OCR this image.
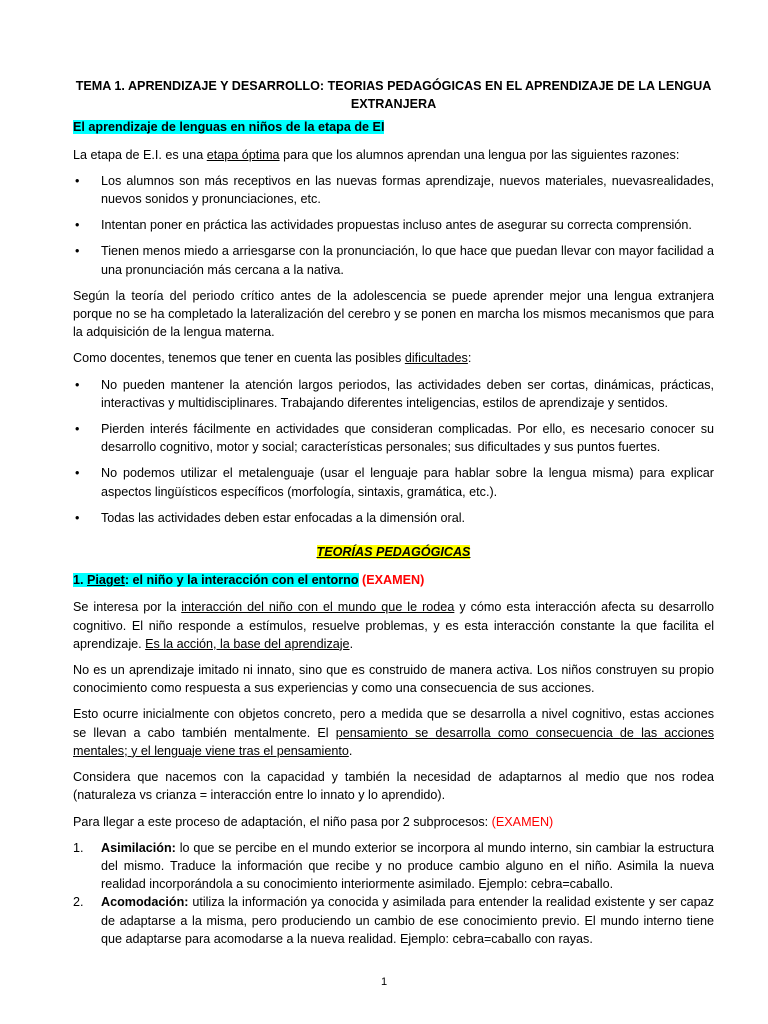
TEMA 1. APRENDIZAJE Y DESARROLLO: TEORIAS PEDAGÓGICAS EN EL APRENDIZAJE DE LA LENGUA EXTRANJERA
El aprendizaje de lenguas en niños de la etapa de EI

La etapa de E.I. es una etapa óptima para que los alumnos aprendan una lengua por las siguientes razones:

• Los alumnos son más receptivos en las nuevas formas aprendizaje, nuevos materiales, nuevasrealidades, nuevos sonidos y pronunciaciones, etc.
• Intentan poner en práctica las actividades propuestas incluso antes de asegurar su correcta comprensión.
• Tienen menos miedo a arriesgarse con la pronunciación, lo que hace que puedan llevar con mayor facilidad a una pronunciación más cercana a la nativa.

Según la teoría del periodo crítico antes de la adolescencia se puede aprender mejor una lengua extranjera porque no se ha completado la lateralización del cerebro y se ponen en marcha los mismos mecanismos que para la adquisición de la lengua materna.

Como docentes, tenemos que tener en cuenta las posibles dificultades:

• No pueden mantener la atención largos periodos, las actividades deben ser cortas, dinámicas, prácticas, interactivas y multidisciplinares. Trabajando diferentes inteligencias, estilos de aprendizaje y sentidos.
• Pierden interés fácilmente en actividades que consideran complicadas. Por ello, es necesario conocer su desarrollo cognitivo, motor y social; características personales; sus dificultades y sus puntos fuertes.
• No podemos utilizar el metalenguaje (usar el lenguaje para hablar sobre la lengua misma) para explicar aspectos lingüísticos específicos (morfología, sintaxis, gramática, etc.).
• Todas las actividades deben estar enfocadas a la dimensión oral.
TEORÍAS PEDAGÓGICAS
1. Piaget: el niño y la interacción con el entorno (EXAMEN)

Se interesa por la interacción del niño con el mundo que le rodea y cómo esta interacción afecta su desarrollo cognitivo. El niño responde a estímulos, resuelve problemas, y es esta interacción constante la que facilita el aprendizaje. Es la acción, la base del aprendizaje.

No es un aprendizaje imitado ni innato, sino que es construido de manera activa. Los niños construyen su propio conocimiento como respuesta a sus experiencias y como una consecuencia de sus acciones.

Esto ocurre inicialmente con objetos concreto, pero a medida que se desarrolla a nivel cognitivo, estas acciones se llevan a cabo también mentalmente. El pensamiento se desarrolla como consecuencia de las acciones mentales; y el lenguaje viene tras el pensamiento.

Considera que nacemos con la capacidad y también la necesidad de adaptarnos al medio que nos rodea (naturaleza vs crianza = interacción entre lo innato y lo aprendido).

Para llegar a este proceso de adaptación, el niño pasa por 2 subprocesos: (EXAMEN)

1. Asimilación: lo que se percibe en el mundo exterior se incorpora al mundo interno, sin cambiar la estructura del mismo. Traduce la información que recibe y no produce cambio alguno en el niño. Asimila la nueva realidad incorporándola a su conocimiento interiormente asimilado. Ejemplo: cebra=caballo.
2. Acomodación: utiliza la información ya conocida y asimilada para entender la realidad existente y ser capaz de adaptarse a la misma, pero produciendo un cambio de ese conocimiento previo. El mundo interno tiene que adaptarse para acomodarse a la nueva realidad. Ejemplo: cebra=caballo con rayas.
1
